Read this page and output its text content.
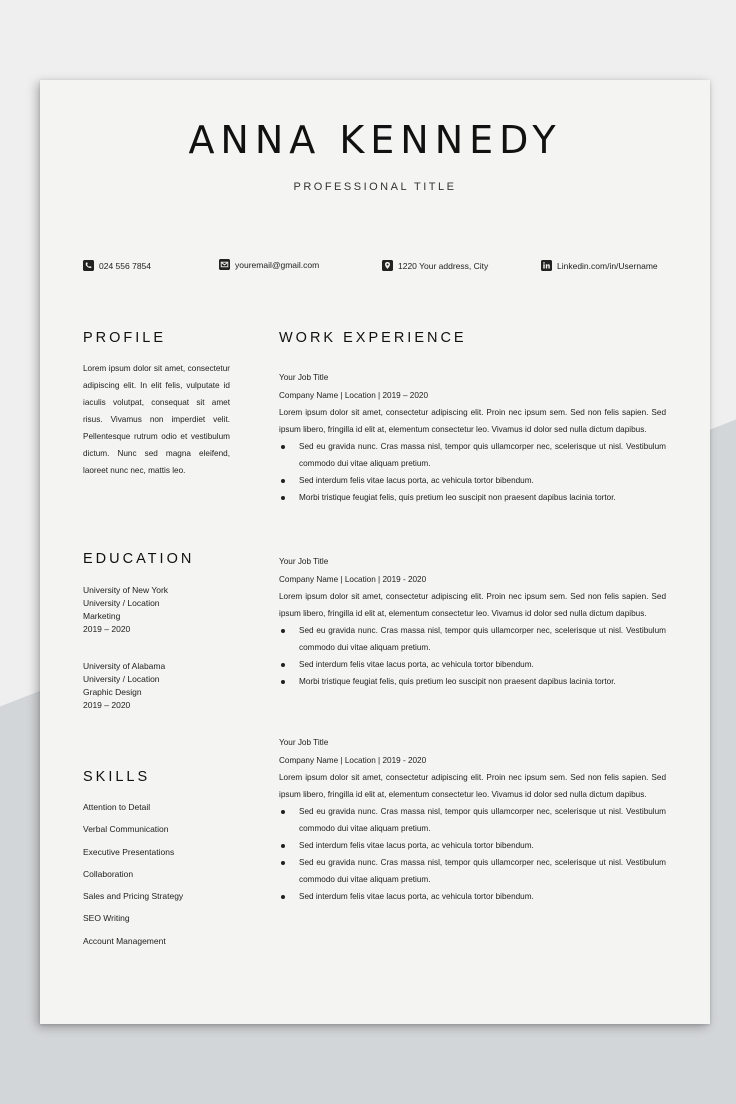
ANNA KENNEDY
PROFESSIONAL TITLE
024 556 7854	youremail@gmail.com	1220 Your address, City	Linkedin.com/in/Username
PROFILE
Lorem ipsum dolor sit amet, consectetur adipiscing elit. In elit felis, vulputate id iaculis volutpat, consequat sit amet risus. Vivamus non imperdiet velit. Pellentesque rutrum odio et vestibulum dictum. Nunc sed magna eleifend, laoreet nunc nec, mattis leo.
EDUCATION
University of New York
University / Location
Marketing
2019 – 2020
University of Alabama
University / Location
Graphic Design
2019 – 2020
SKILLS
Attention to Detail
Verbal Communication
Executive Presentations
Collaboration
Sales and Pricing Strategy
SEO Writing
Account Management
WORK EXPERIENCE
Your Job Title
Company Name | Location | 2019 – 2020
Lorem ipsum dolor sit amet, consectetur adipiscing elit. Proin nec ipsum sem. Sed non felis sapien. Sed ipsum libero, fringilla id elit at, elementum consectetur leo. Vivamus id dolor sed nulla dictum dapibus.
Sed eu gravida nunc. Cras massa nisl, tempor quis ullamcorper nec, scelerisque ut nisl. Vestibulum commodo dui vitae aliquam pretium.
Sed interdum felis vitae lacus porta, ac vehicula tortor bibendum.
Morbi tristique feugiat felis, quis pretium leo suscipit non praesent dapibus lacinia tortor.
Your Job Title
Company Name | Location | 2019 - 2020
Lorem ipsum dolor sit amet, consectetur adipiscing elit. Proin nec ipsum sem. Sed non felis sapien. Sed ipsum libero, fringilla id elit at, elementum consectetur leo. Vivamus id dolor sed nulla dictum dapibus.
Sed eu gravida nunc. Cras massa nisl, tempor quis ullamcorper nec, scelerisque ut nisl. Vestibulum commodo dui vitae aliquam pretium.
Sed interdum felis vitae lacus porta, ac vehicula tortor bibendum.
Morbi tristique feugiat felis, quis pretium leo suscipit non praesent dapibus lacinia tortor.
Your Job Title
Company Name | Location | 2019 - 2020
Lorem ipsum dolor sit amet, consectetur adipiscing elit. Proin nec ipsum sem. Sed non felis sapien. Sed ipsum libero, fringilla id elit at, elementum consectetur leo. Vivamus id dolor sed nulla dictum dapibus.
Sed eu gravida nunc. Cras massa nisl, tempor quis ullamcorper nec, scelerisque ut nisl. Vestibulum commodo dui vitae aliquam pretium.
Sed interdum felis vitae lacus porta, ac vehicula tortor bibendum.
Sed eu gravida nunc. Cras massa nisl, tempor quis ullamcorper nec, scelerisque ut nisl. Vestibulum commodo dui vitae aliquam pretium.
Sed interdum felis vitae lacus porta, ac vehicula tortor bibendum.
